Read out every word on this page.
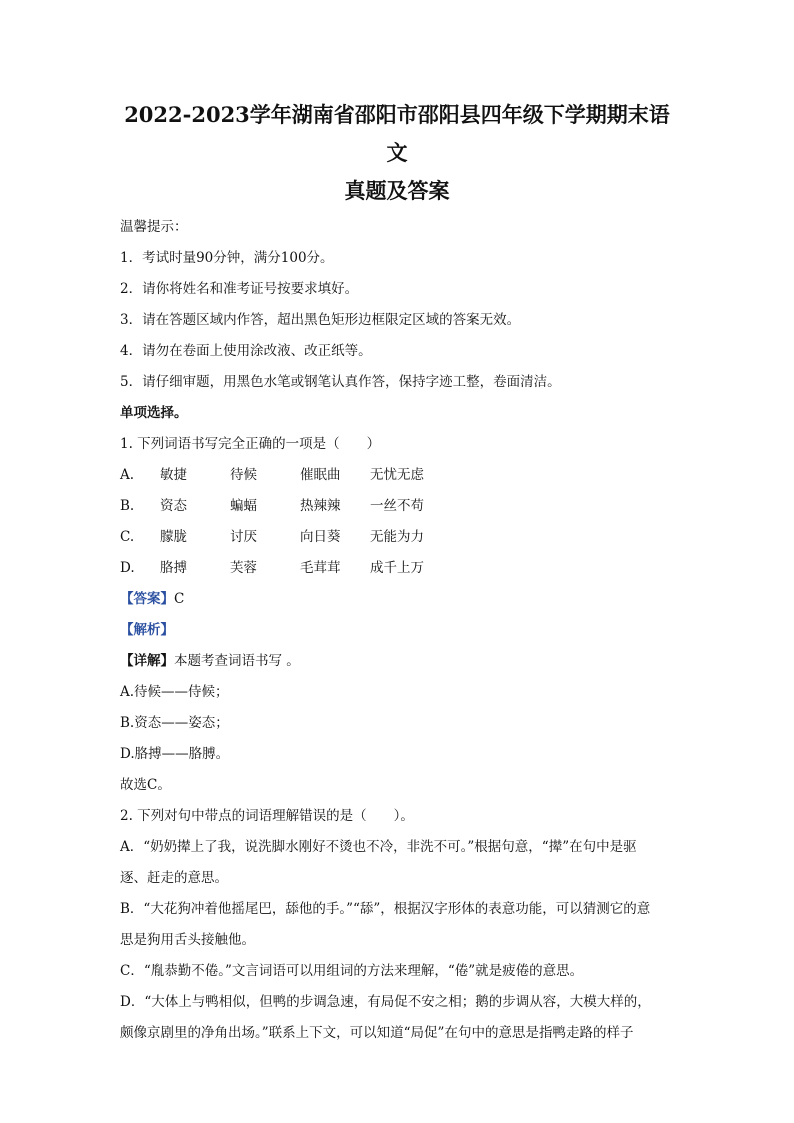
2022-2023学年湖南省邵阳市邵阳县四年级下学期期末语文
真题及答案
温馨提示：
1．考试时量90分钟，满分100分。
2．请你将姓名和准考证号按要求填好。
3．请在答题区域内作答，超出黑色矩形边框限定区域的答案无效。
4．请勿在卷面上使用涂改液、改正纸等。
5．请仔细审题，用黑色水笔或钢笔认真作答，保持字迹工整，卷面清洁。
单项选择。
1. 下列词语书写完全正确的一项是（　　）
A. 敏捷	待候	催眠曲 无忧无虑
B. 资态	蝙蝠	热辣辣 一丝不苟
C. 朦胧	讨厌	向日葵 无能为力
D. 胳搏	芙蓉	毛茸茸 成千上万
【答案】C
【解析】
【详解】本题考查词语书写 。
A.待候——侍候；
B.资态——姿态；
D.胳搏——胳膊。
故选C。
2. 下列对句中带点的词语理解错误的是（　　）。
A．“奶奶撵上了我，说洗脚水刚好不烫也不冷，非洗不可。”根据句意，“撵”在句中是驱
逐、赶走的意思。
B．“大花狗冲着他摇尾巴，舔他的手。”“舔”，根据汉字形体的表意功能，可以猜测它的意
思是狗用舌头接触他。
C．“胤恭勤不倦。”文言词语可以用组词的方法来理解，“倦”就是疲倦的意思。
D．“大体上与鸭相似，但鸭的步调急速，有局促不安之相；鹅的步调从容，大模大样的，
颇像京剧里的净角出场。”联系上下文，可以知道“局促”在句中的意思是指鸭走路的样子
